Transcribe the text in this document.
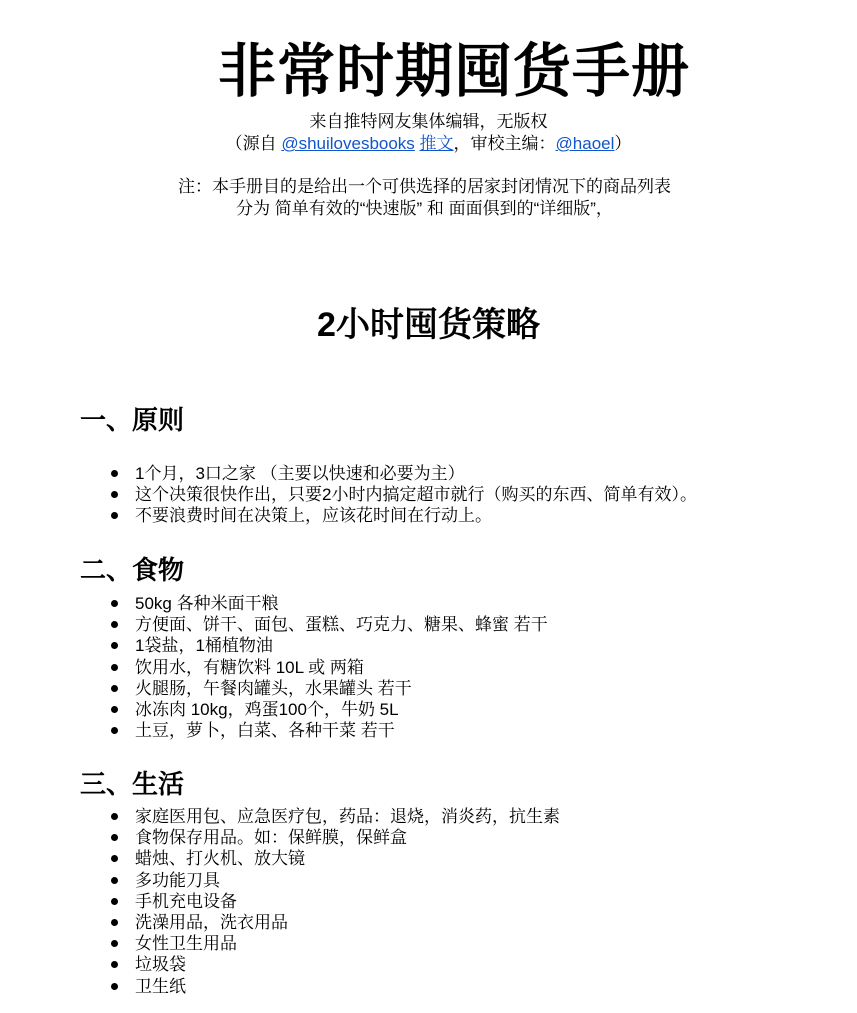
非常时期囤货手册

来自推特网友集体编辑，无版权

（源自 @shuilovesbooks 推文，审校主编：@haoel）

注：本手册目的是给出一个可供选择的居家封闭情况下的商品列表

分为 简单有效的“快速版” 和 面面俱到的“详细版”，

2小时囤货策略
一、原则
1个月，3口之家 （主要以快速和必要为主）
这个决策很快作出，只要2小时内搞定超市就行（购买的东西、简单有效）。
不要浪费时间在决策上，应该花时间在行动上。
二、食物
50kg 各种米面干粮
方便面、饼干、面包、蛋糕、巧克力、糖果、蜂蜜 若干
1袋盐，1桶植物油
饮用水，有糖饮料 10L 或 两箱
火腿肠，午餐肉罐头，水果罐头 若干
冰冻肉 10kg，鸡蛋100个，牛奶 5L
土豆，萝卜，白菜、各种干菜 若干
三、生活
家庭医用包、应急医疗包，药品：退烧，消炎药，抗生素
食物保存用品。如：保鲜膜，保鲜盒
蜡烛、打火机、放大镜
多功能刀具
手机充电设备
洗澡用品，洗衣用品
女性卫生用品
垃圾袋
卫生纸
